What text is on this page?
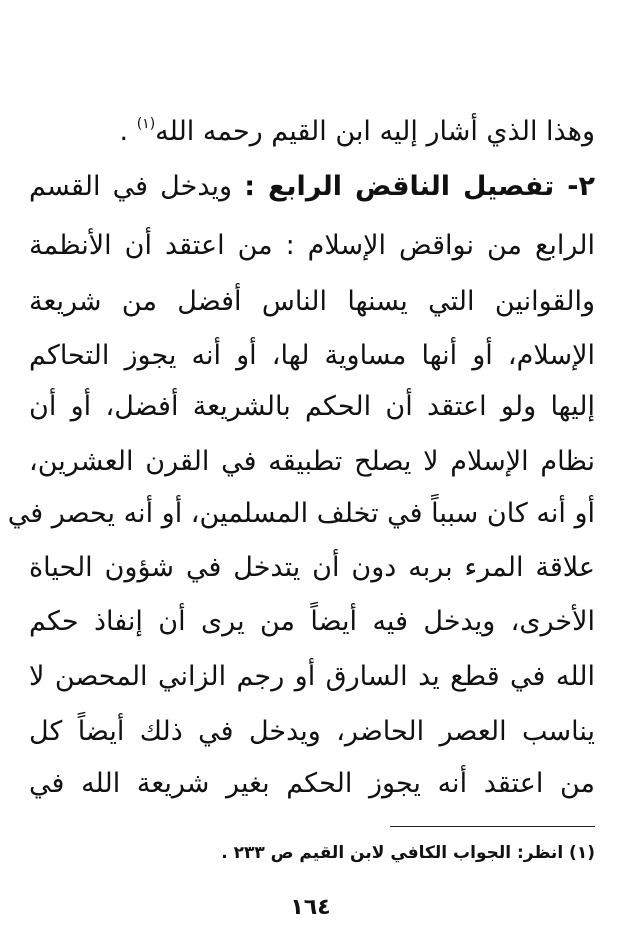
وهذا الذي أشار إليه ابن القيم رحمه الله$^{(١)}$ .
٢- تفصيل الناقض الرابع : ويدخل في القسم
الرابع من نواقض الإسلام : من اعتقد أن الأنظمة
والقوانين التي يسنها الناس أفضل من شريعة
الإسلام، أو أنها مساوية لها، أو أنه يجوز التحاكم
إليها ولو اعتقد أن الحكم بالشريعة أفضل، أو أن
نظام الإسلام لا يصلح تطبيقه في القرن العشرين،
أو أنه كان سبباً في تخلف المسلمين، أو أنه يحصر في
علاقة المرء بربه دون أن يتدخل في شؤون الحياة
الأخرى، ويدخل فيه أيضاً من يرى أن إنفاذ حكم
الله في قطع يد السارق أو رجم الزاني المحصن لا
يناسب العصر الحاضر، ويدخل في ذلك أيضاً كل
من اعتقد أنه يجوز الحكم بغير شريعة الله في
(١) انظر: الجواب الكافي لابن القيم ص ٢٣٣ .
١٦٤
